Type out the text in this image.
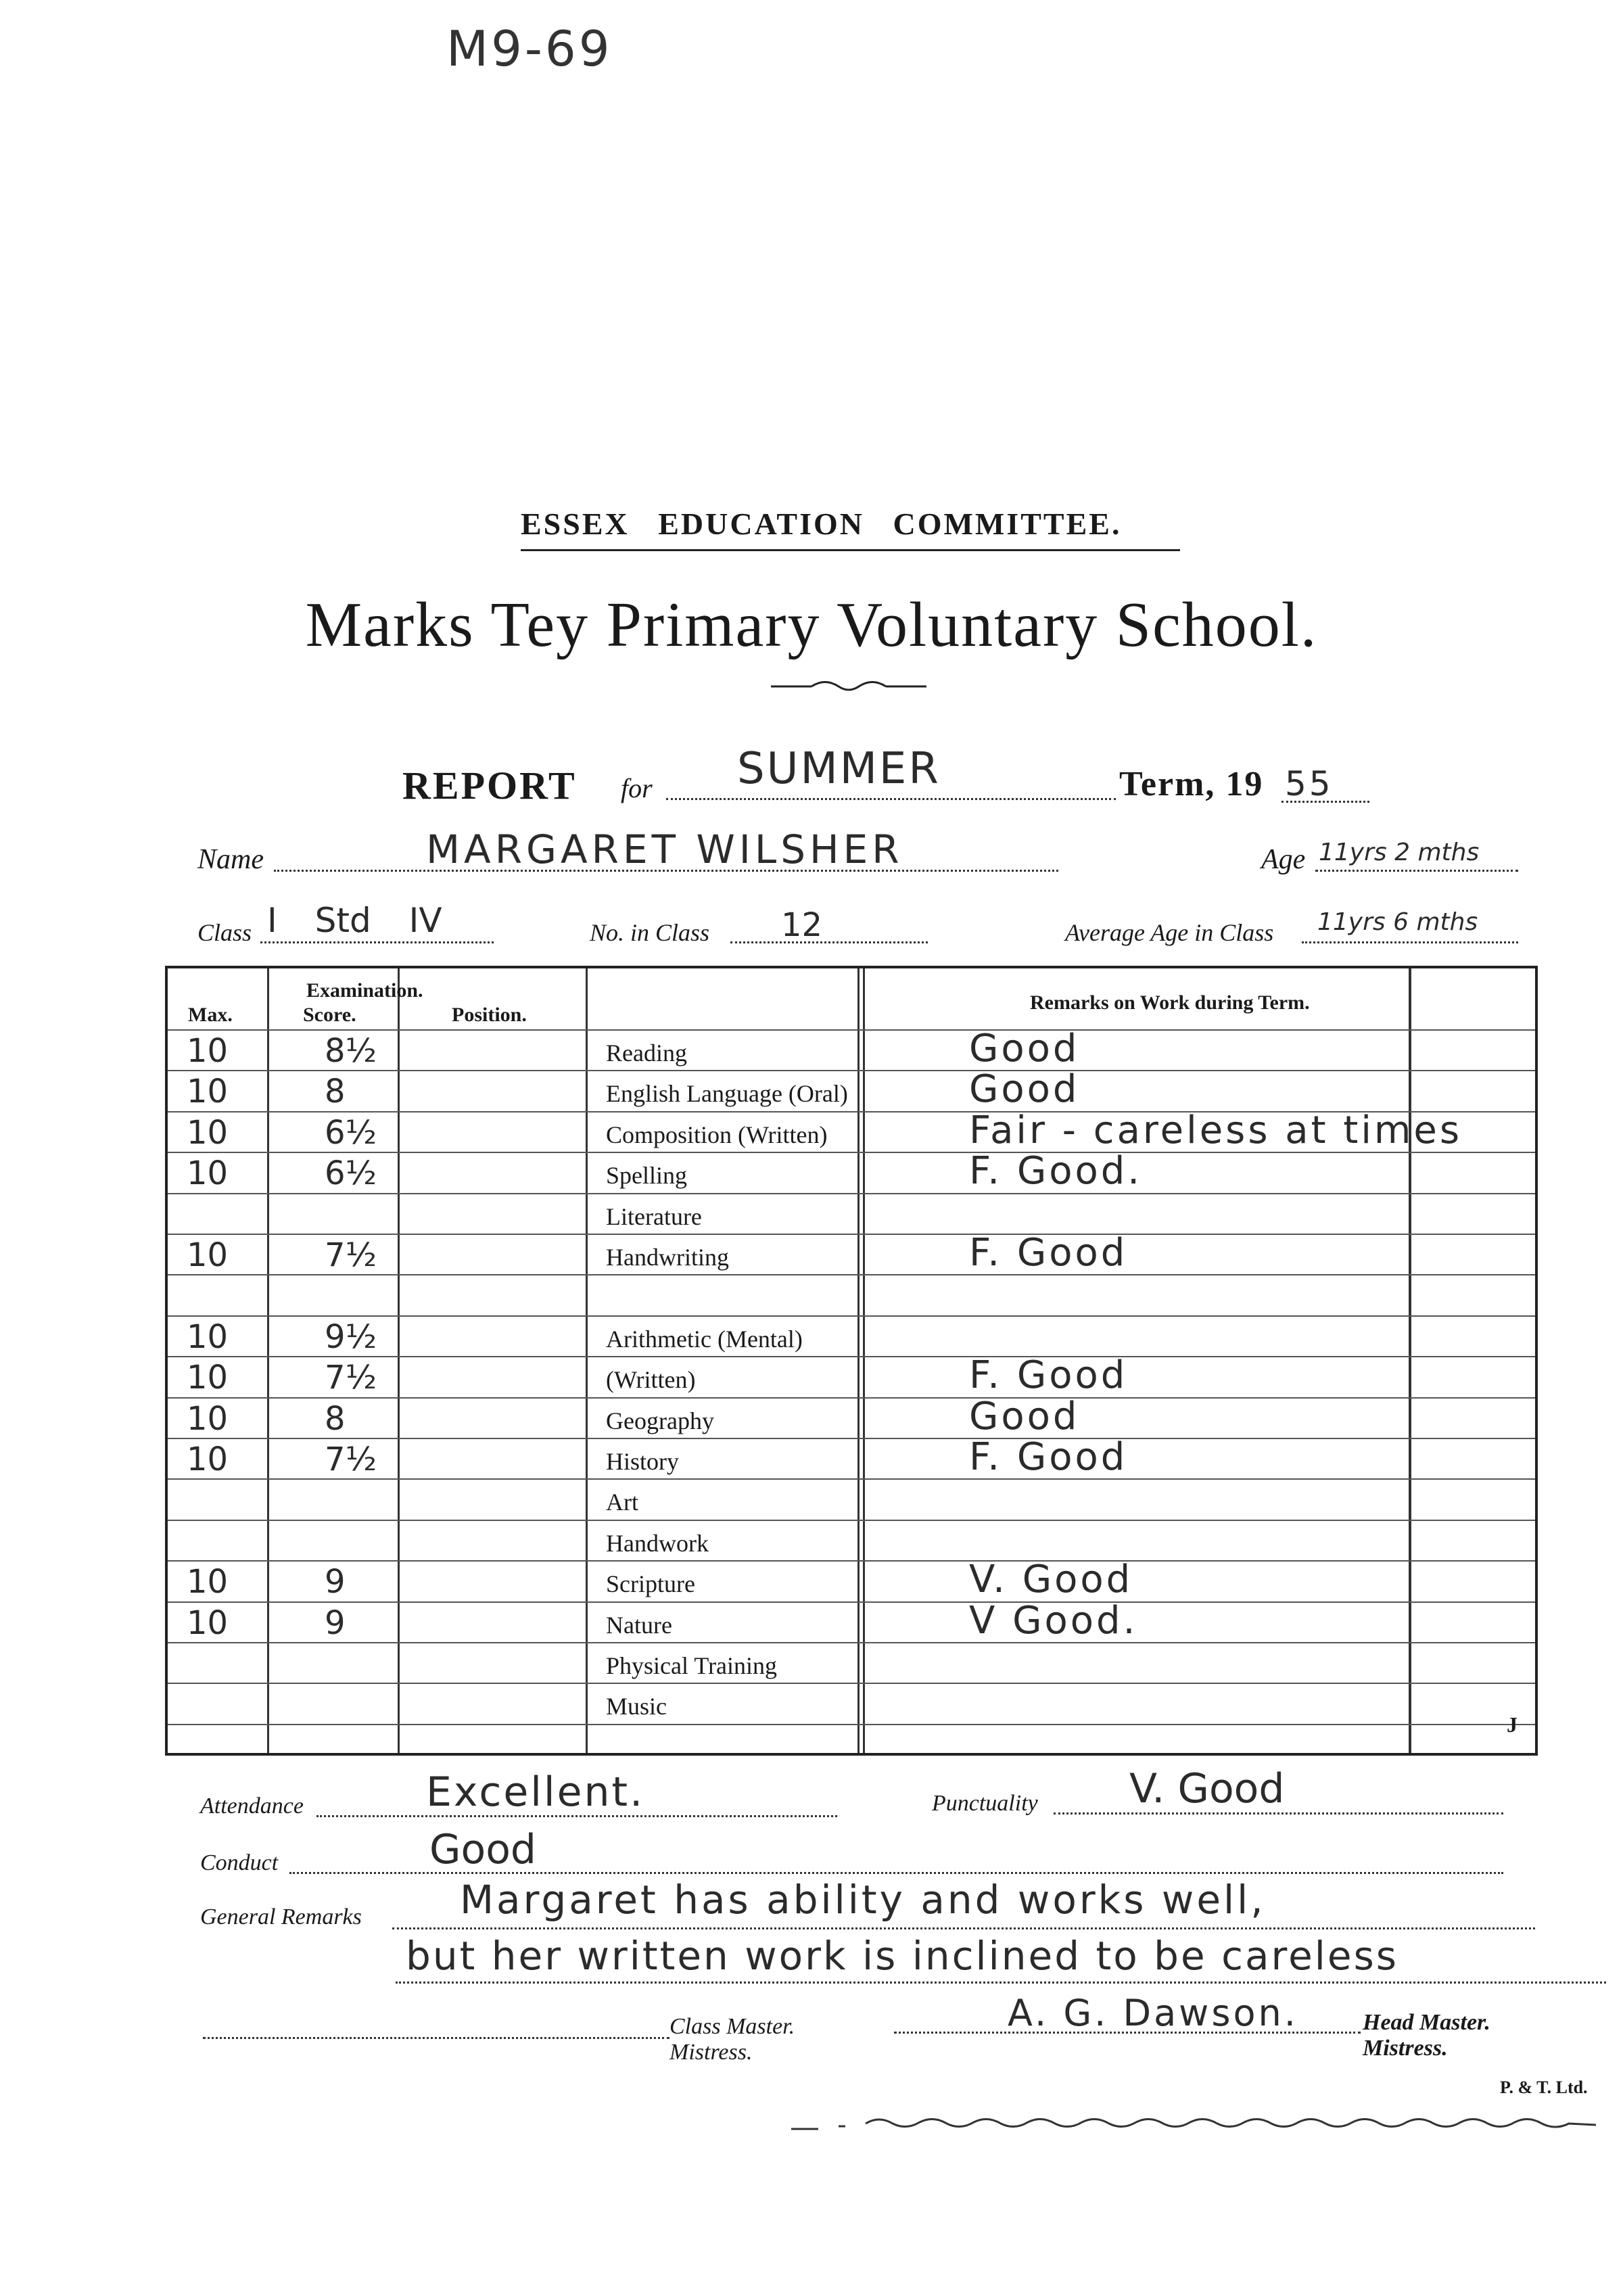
M9-69
ESSEX EDUCATION COMMITTEE.
Marks Tey Primary Voluntary School.
REPORT for SUMMER	Term, 19 55
Name	MARGARET WILSHER	Age 11yrs 2 mths
Class I Std IV	No. in Class 12	Average Age in Class 11yrs 6 mths
Examination.
Max.	Score.	Position.
Remarks on Work during Term.
10	8½	Reading	Good
10	8	English Language (Oral)	Good
10	6½	Composition (Written)	Fair - careless at times
10	6½	Spelling	F. Good.
Literature
10	7½	Handwriting	F. Good
10	9½	Arithmetic (Mental)
10	7½	(Written)	F. Good
10	8	Geography	Good
10	7½	History	F. Good
Art
Handwork
10	9	Scripture	V. Good
10	9	Nature	V Good.
Physical Training
Music
J
Attendance	Excellent.	Punctuality V. Good
Conduct	Good
General Remarks	Margaret has ability and works well,
but her written work is inclined to be careless
Class Master.
Mistress.
A. G. Dawson.	Head Master.
Mistress.
P. & T. Ltd.
